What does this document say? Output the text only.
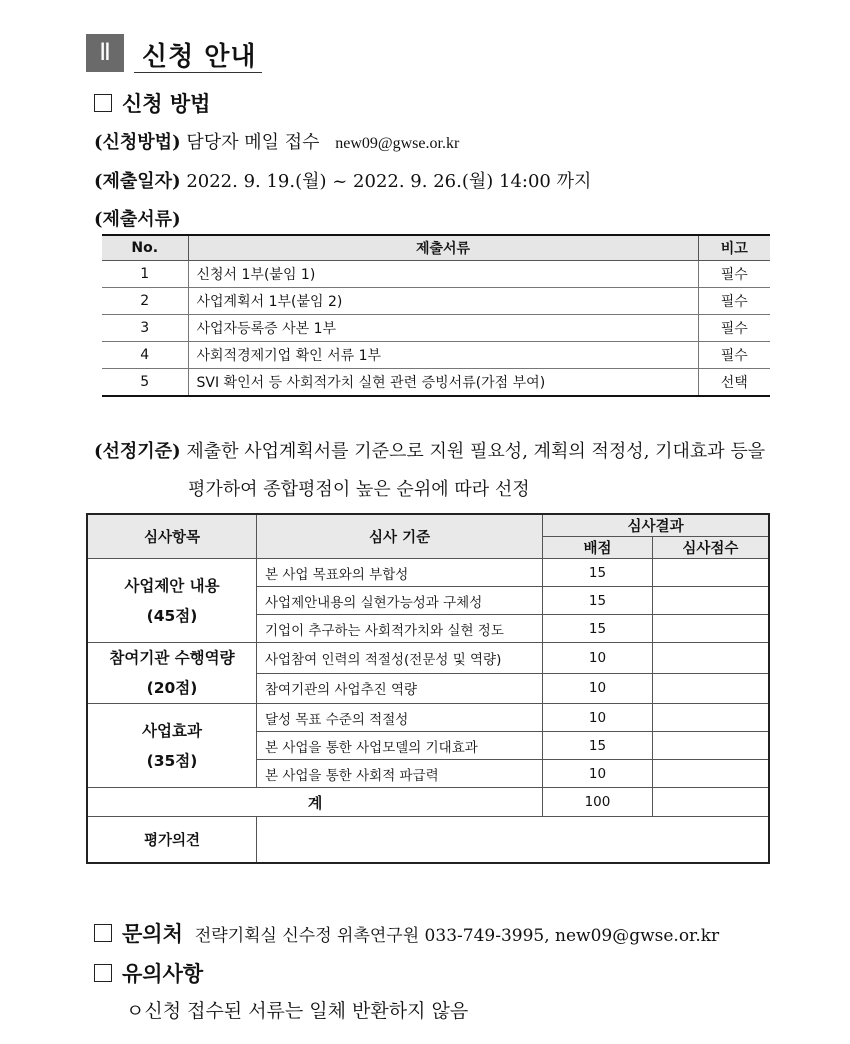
Ⅱ	신청 안내
신청 방법
(신청방법) 담당자 메일 접수 new09@gwse.or.kr
(제출일자) 2022. 9. 19.(월) ~ 2022. 9. 26.(월) 14:00 까지
(제출서류)
No.	제출서류	비고
1	신청서 1부(붙임 1)	필수
2	사업계획서 1부(붙임 2)	필수
3	사업자등록증 사본 1부	필수
4	사회적경제기업 확인 서류 1부	필수
5	SVI 확인서 등 사회적가치 실현 관련 증빙서류(가점 부여)	선택
(선정기준) 제출한 사업계획서를 기준으로 지원 필요성, 계획의 적정성, 기대효과 등을
평가하여 종합평점이 높은 순위에 따라 선정
심사항목	심사 기준	심사결과	
		배점	심사점수

사업제안 내용
(45점)	본 사업 목표와의 부합성	15	
	사업제안내용의 실현가능성과 구체성	15	
	기업이 추구하는 사회적가치와 실현 정도	15	

참여기관 수행역량
(20점)	사업참여 인력의 적절성(전문성 및 역량)	10	
	참여기관의 사업추진 역량	10	

사업효과
(35점)	달성 목표 수준의 적절성	10	
	본 사업을 통한 사업모델의 기대효과	15	
	본 사업을 통한 사회적 파급력	10	
계		100	
평가의견			
문의처 전략기획실 신수정 위촉연구원 033-749-3995, new09@gwse.or.kr
유의사항
ㅇ신청 접수된 서류는 일체 반환하지 않음
